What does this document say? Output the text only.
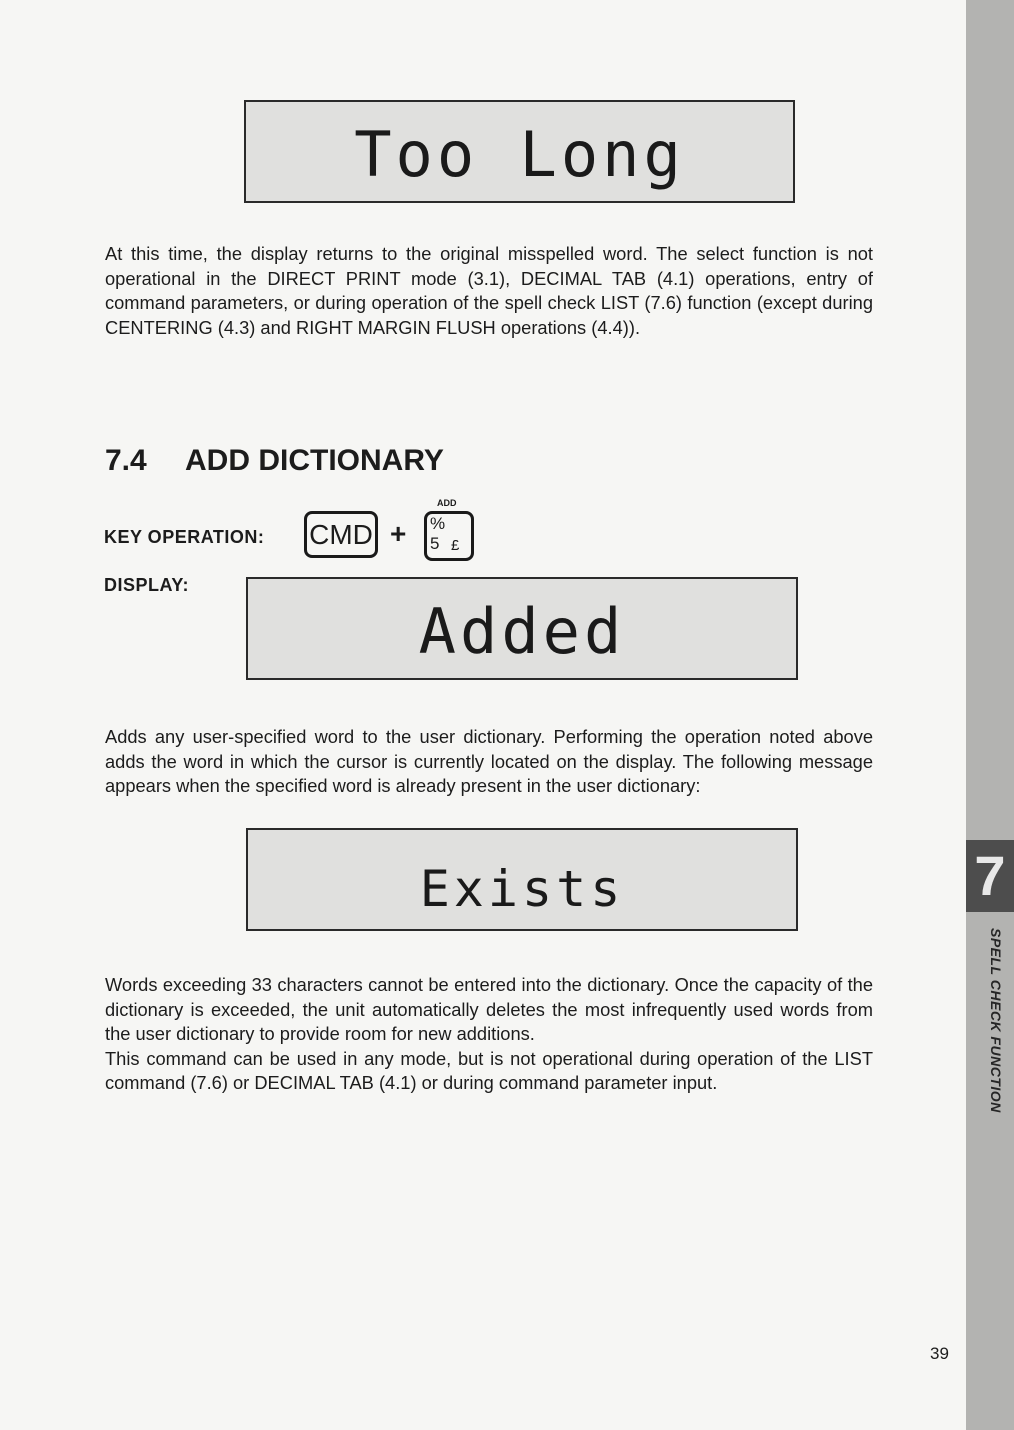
7
SPELL CHECK FUNCTION
Too Long

At this time, the display returns to the original misspelled word. The select function is not operational in the DIRECT PRINT mode (3.1), DECIMAL TAB (4.1) operations, entry of command parameters, or during operation of the spell check LIST (7.6) function (except during CENTERING (4.3) and RIGHT MARGIN FLUSH operations (4.4)).

7.4 ADD DICTIONARY
KEY OPERATION: CMD +
ADD
%
5 £
DISPLAY:
Added

Adds any user-specified word to the user dictionary. Performing the operation noted above adds the word in which the cursor is currently located on the display. The following message appears when the specified word is already present in the user dictionary:

Exists
Words exceeding 33 characters cannot be entered into the dictionary. Once the capacity of the dictionary is exceeded, the unit automatically deletes the most infrequently used words from the user dictionary to provide room for new additions.
This command can be used in any mode, but is not operational during operation of the LIST command (7.6) or DECIMAL TAB (4.1) or during command parameter input.
39
